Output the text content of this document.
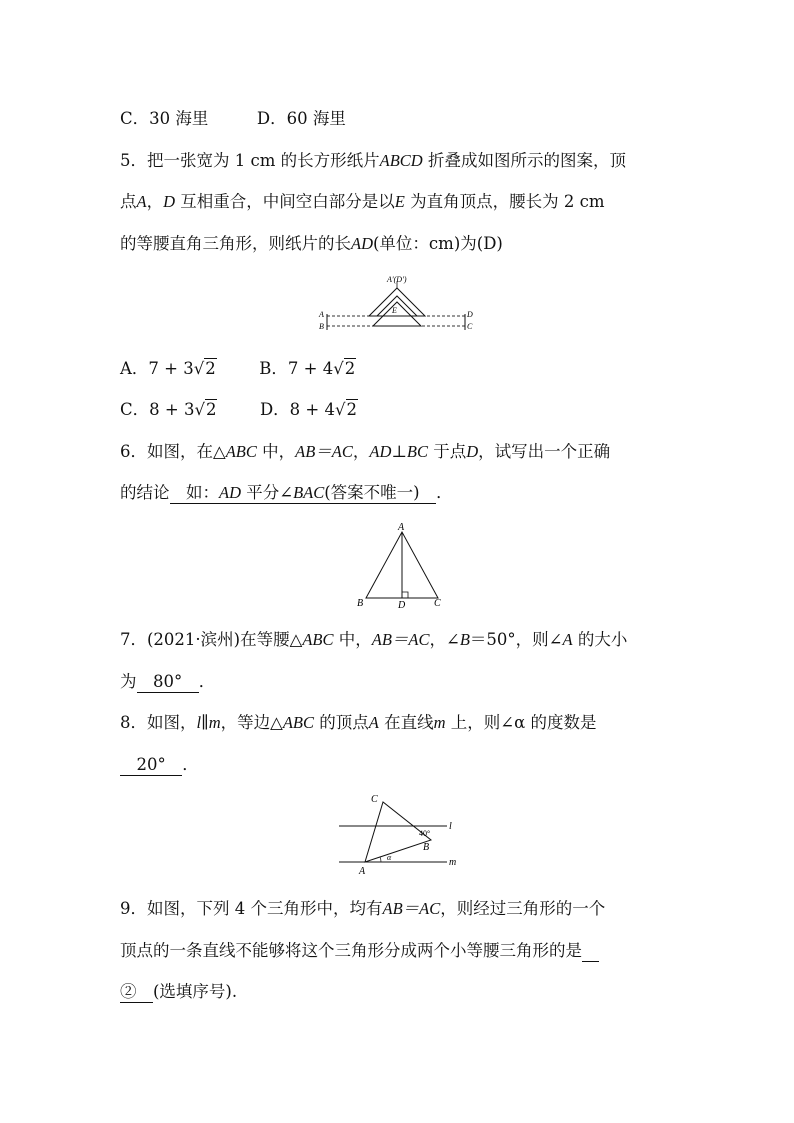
C．30 海里	D．60 海里
5．把一张宽为 1 cm 的长方形纸片ABCD 折叠成如图所示的图案，顶
点A，D 互相重合，中间空白部分是以E 为直角顶点，腰长为 2 cm
的等腰直角三角形，则纸片的长AD(单位：cm)为(D)
A′(D′)
A
B
D
C
E
A．7 + 3√2	B．7 + 4√2
C．8 + 3√2	D．8 + 4√2
6．如图，在△ABC 中，AB＝AC，AD⊥BC 于点D，试写出一个正确
的结论　如：AD 平分∠BAC(答案不唯一)　．
A
B	D	C
7．(2021·滨州)在等腰△ABC 中，AB＝AC，∠B＝50°，则∠A 的大小
为　80°　．
8．如图，l∥m，等边△ABC 的顶点A 在直线m 上，则∠α 的度数是
　20°　．
C
B
A
l
m
40°
α
9．如图，下列 4 个三角形中，均有AB＝AC，则经过三角形的一个
顶点的一条直线不能够将这个三角形分成两个小等腰三角形的是　
②　(选填序号).
